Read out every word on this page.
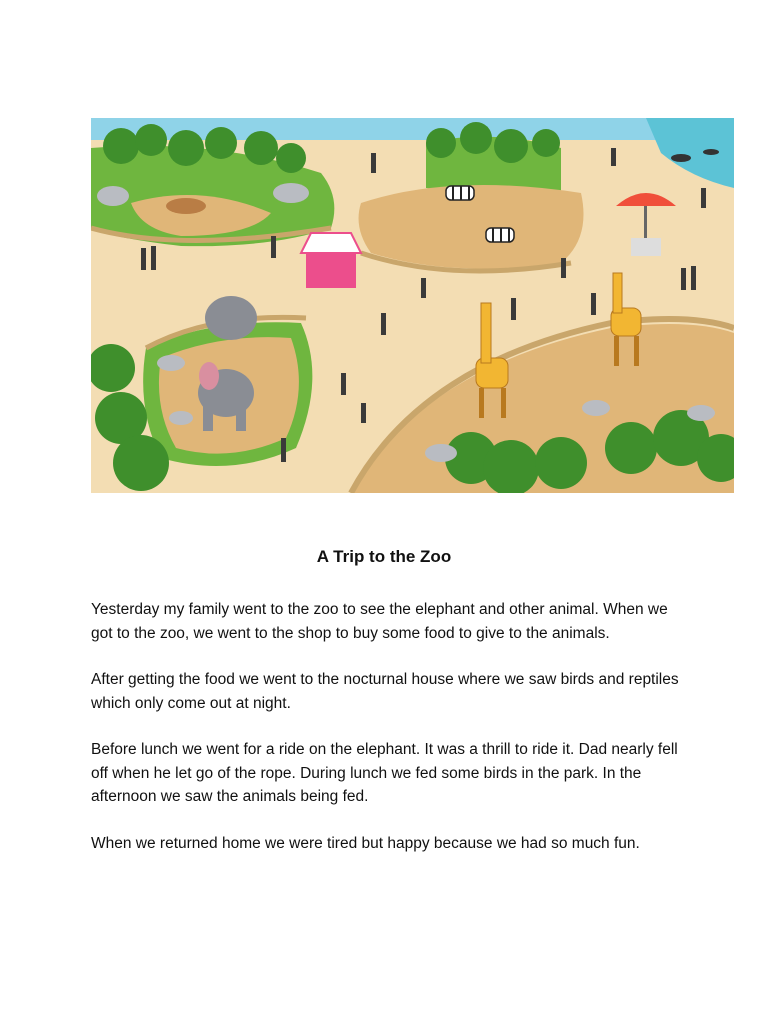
A Trip to the Zoo

Yesterday my family went to the zoo to see the elephant and other animal. When we got to the zoo, we went to the shop to buy some food to give to the animals.

After getting the food we went to the nocturnal house where we saw birds and reptiles which only come out at night.

Before lunch we went for a ride on the elephant. It was a thrill to ride it. Dad nearly fell off when he let go of the rope. During lunch we fed some birds in the park. In the afternoon we saw the animals being fed.

When we returned home we were tired but happy because we had so much fun.
